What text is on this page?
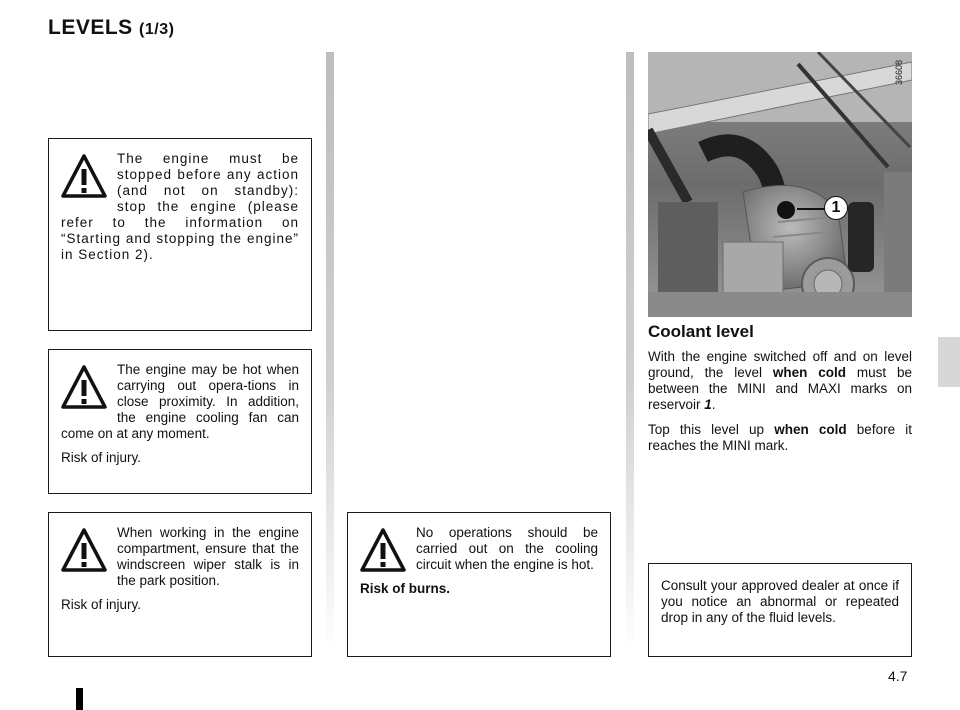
LEVELS (1/3)

The engine must be stopped before any action (and not on standby): stop the engine (please refer to the information on “Starting and stopping the engine” in Section 2).

The engine may be hot when carrying out opera-tions in close proximity. In addition, the engine cooling fan can come on at any moment.

Risk of injury.

When working in the engine compartment, ensure that the windscreen wiper stalk is in the park position.

Risk of injury.

No operations should be carried out on the cooling circuit when the engine is hot.

Risk of burns.

36608
1
Coolant level
With the engine switched off and on level ground, the level when cold must be between the MINI and MAXI marks on reservoir 1.
Top this level up when cold before it reaches the MINI mark.

Consult your approved dealer at once if you notice an abnormal or repeated drop in any of the fluid levels.

4.7
